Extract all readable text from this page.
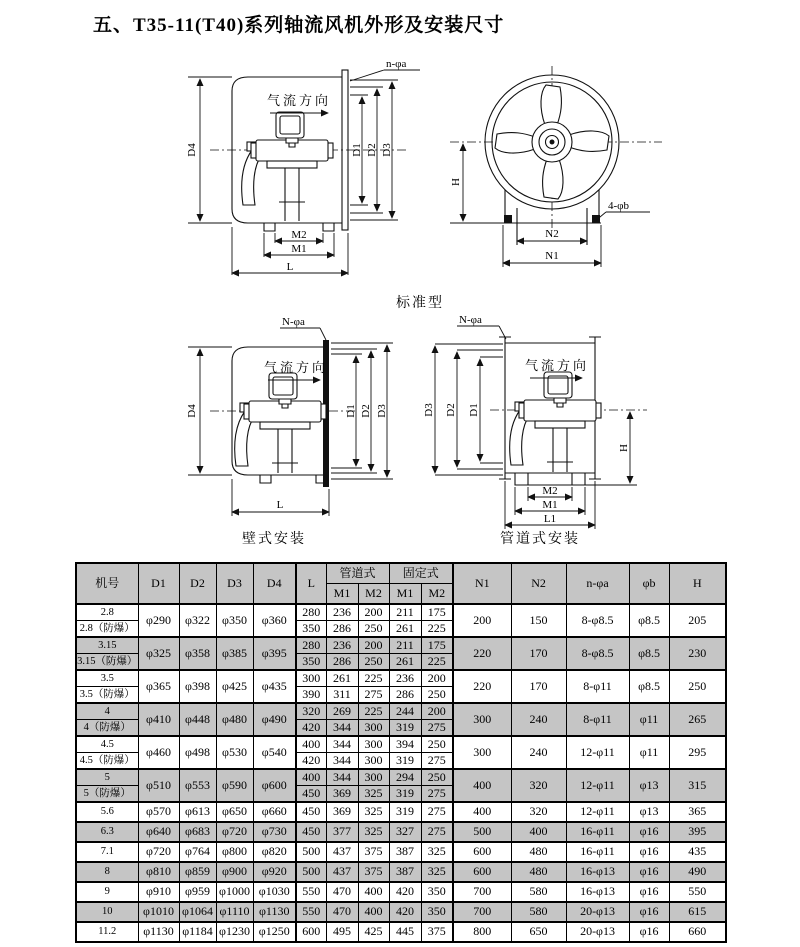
五、T35-11(T40)系列轴流风机外形及安装尺寸
气流方向
n-φa
D4	D1 D2 D3
M2
M1
L
H
4-φb
N2
N1
标准型
气流方向
N-φa
D4	D1 D2 D3
L
气流方向
N-φa
D1
D2
D3
H
M2
M1
L1
壁式安装	管道式安装
机号	D1	D2	D3	D4	L	管道式		固定式		N1	N2	n-φa	φb	H
						M1	M2	M1	M2					
2.8	φ290	φ322	φ350	φ360	280	236	200	211	175	200	150	8-φ8.5	φ8.5	205
2.8（防爆）					350	286	250	261	225					
3.15	φ325	φ358	φ385	φ395	280	236	200	211	175	220	170	8-φ8.5	φ8.5	230
3.15（防爆）					350	286	250	261	225					
3.5	φ365	φ398	φ425	φ435	300	261	225	236	200	220	170	8-φ11	φ8.5	250
3.5（防爆）					390	311	275	286	250					
4	φ410	φ448	φ480	φ490	320	269	225	244	200	300	240	8-φ11	φ11	265
4（防爆）					420	344	300	319	275					
4.5	φ460	φ498	φ530	φ540	400	344	300	394	250	300	240	12-φ11	φ11	295
4.5（防爆）					420	344	300	319	275					
5	φ510	φ553	φ590	φ600	400	344	300	294	250	400	320	12-φ11	φ13	315
5（防爆）					450	369	325	319	275					
5.6	φ570	φ613	φ650	φ660	450	369	325	319	275	400	320	12-φ11	φ13	365
6.3	φ640	φ683	φ720	φ730	450	377	325	327	275	500	400	16-φ11	φ16	395
7.1	φ720	φ764	φ800	φ820	500	437	375	387	325	600	480	16-φ11	φ16	435
8	φ810	φ859	φ900	φ920	500	437	375	387	325	600	480	16-φ13	φ16	490
9	φ910	φ959	φ1000	φ1030	550	470	400	420	350	700	580	16-φ13	φ16	550
10	φ1010	φ1064	φ1110	φ1130	550	470	400	420	350	700	580	20-φ13	φ16	615
11.2	φ1130	φ1184	φ1230	φ1250	600	495	425	445	375	800	650	20-φ13	φ16	660
